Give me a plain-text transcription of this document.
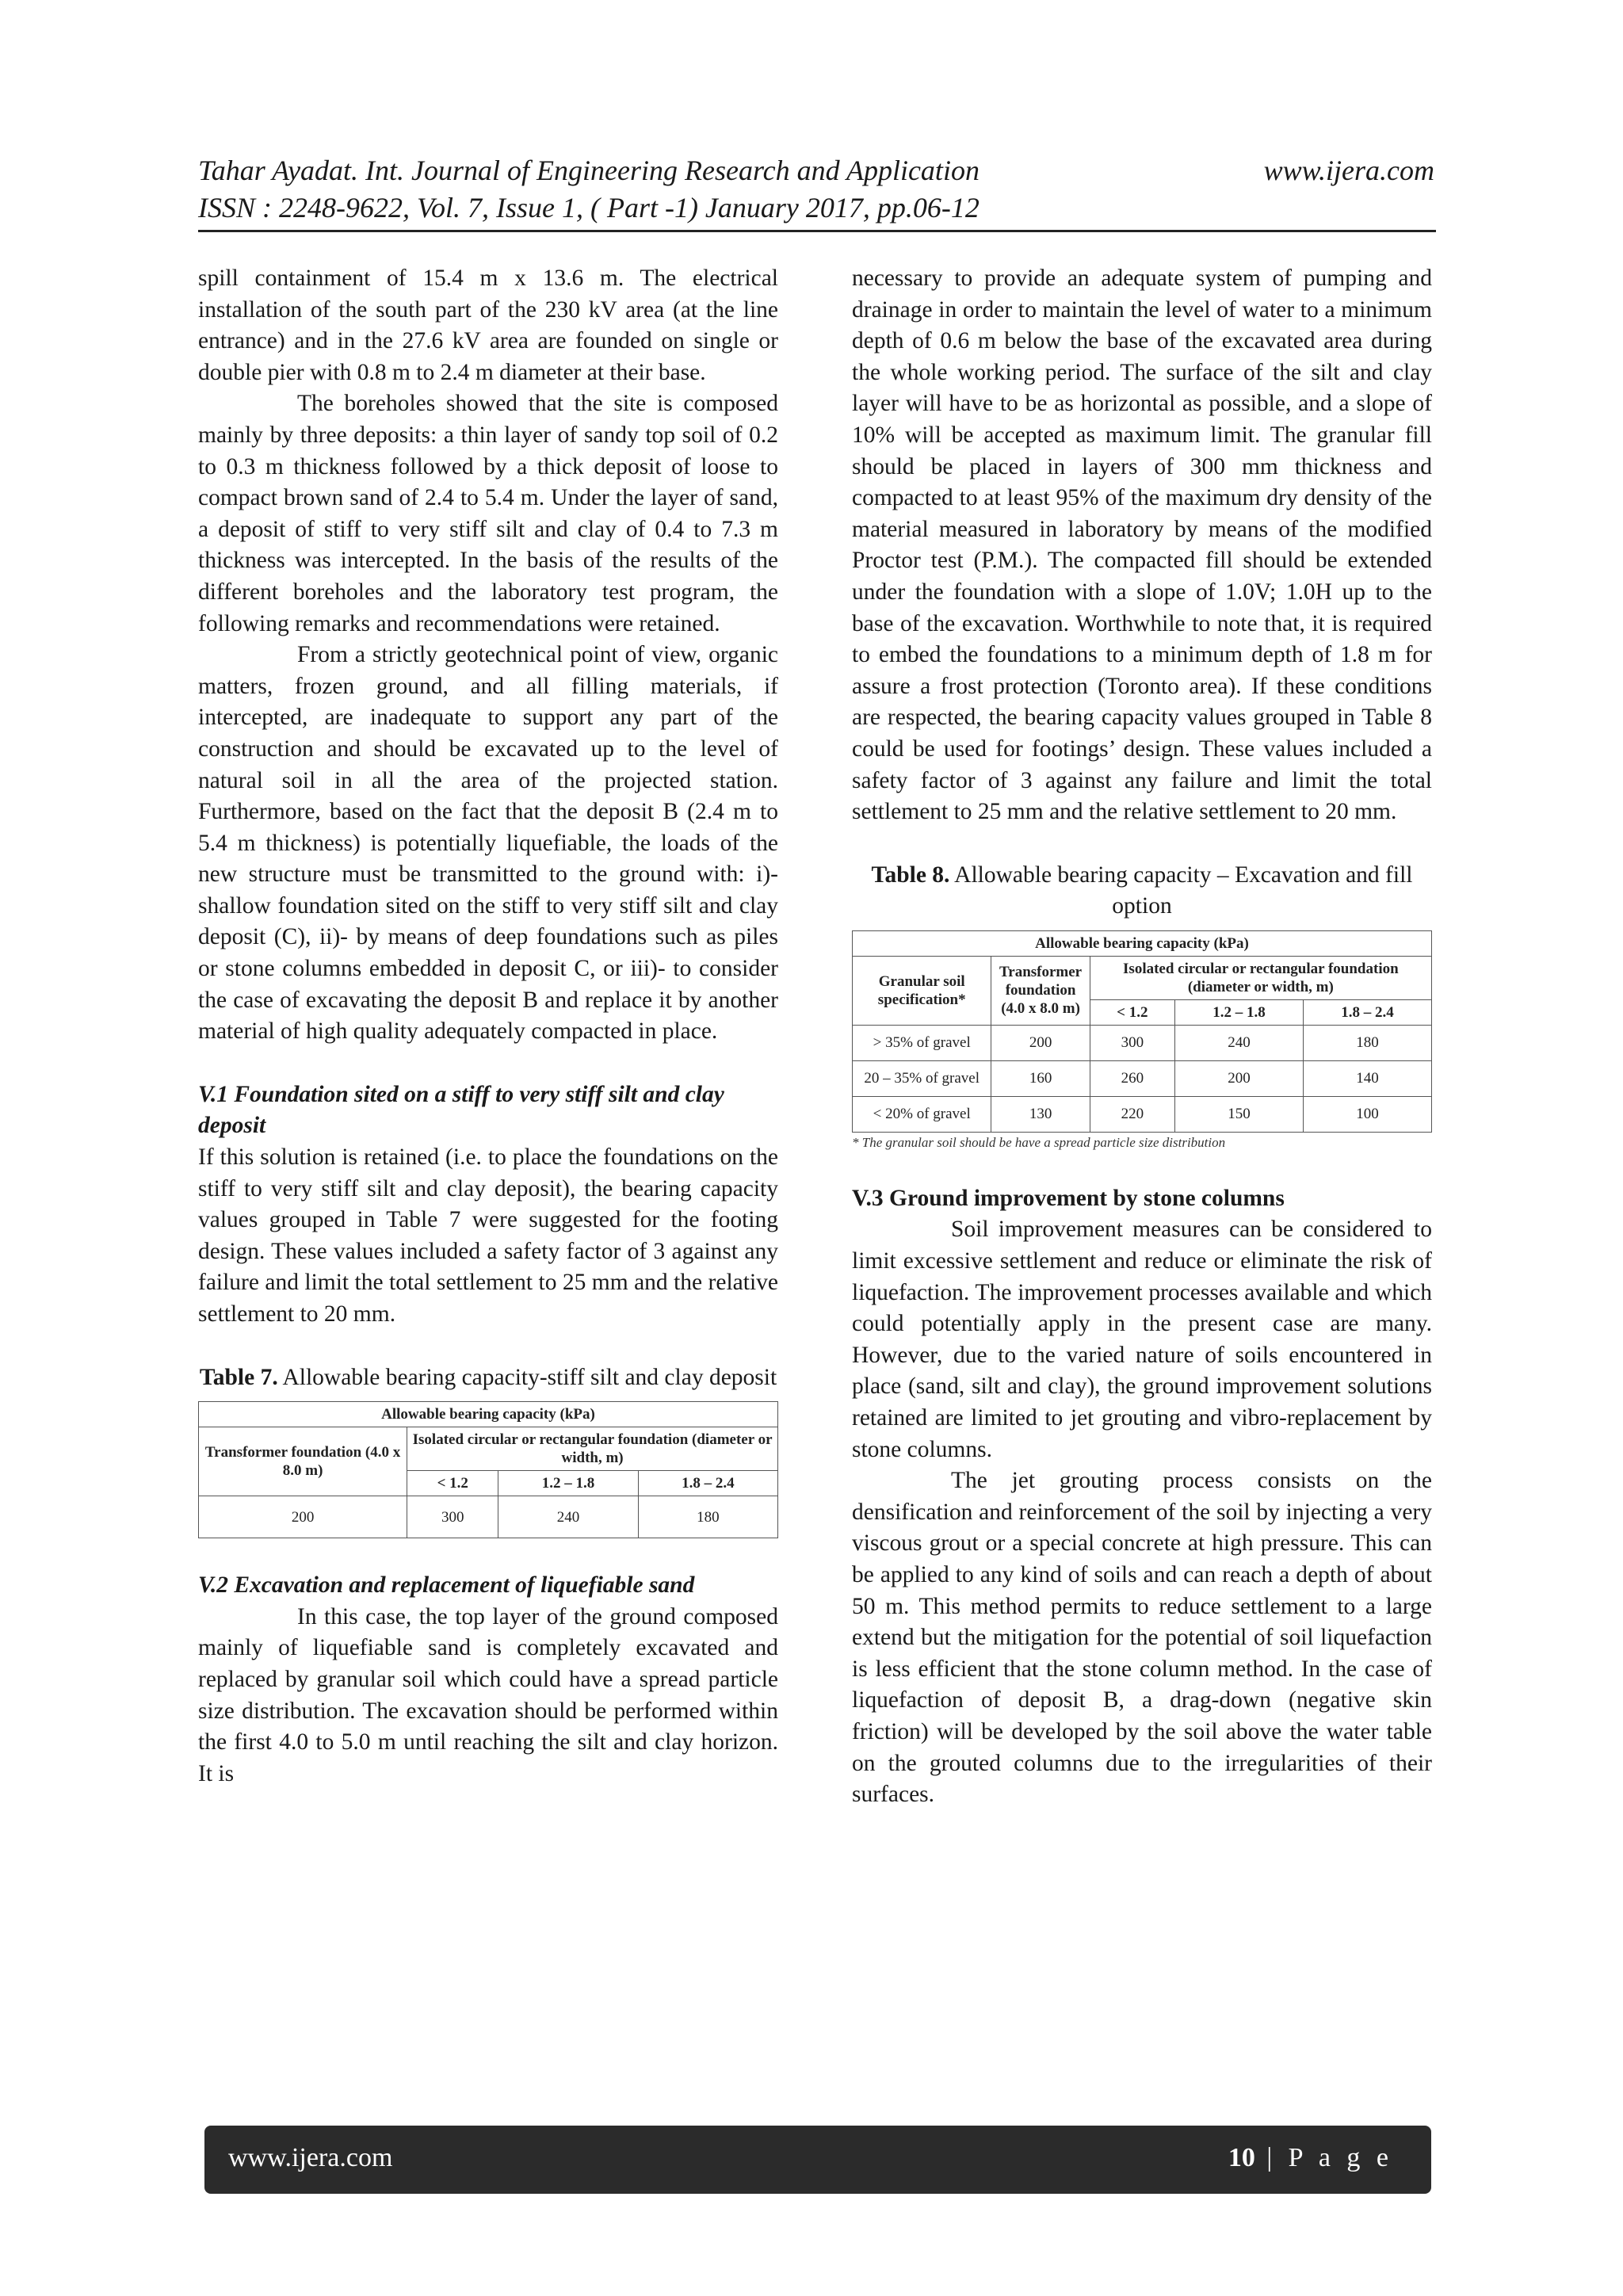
Tahar Ayadat. Int. Journal of Engineering Research and Application
ISSN : 2248-9622, Vol. 7, Issue 1, ( Part -1) January 2017, pp.06-12
www.ijera.com

spill containment of 15.4 m x 13.6 m. The electrical installation of the south part of the 230 kV area (at the line entrance) and in the 27.6 kV area are founded on single or double pier with 0.8 m to 2.4 m diameter at their base.

The boreholes showed that the site is composed mainly by three deposits: a thin layer of sandy top soil of 0.2 to 0.3 m thickness followed by a thick deposit of loose to compact brown sand of 2.4 to 5.4 m. Under the layer of sand, a deposit of stiff to very stiff silt and clay of 0.4 to 7.3 m thickness was intercepted. In the basis of the results of the different boreholes and the laboratory test program, the following remarks and recommendations were retained.

From a strictly geotechnical point of view, organic matters, frozen ground, and all filling materials, if intercepted, are inadequate to support any part of the construction and should be excavated up to the level of natural soil in all the area of the projected station. Furthermore, based on the fact that the deposit B (2.4 m to 5.4 m thickness) is potentially liquefiable, the loads of the new structure must be transmitted to the ground with: i)- shallow foundation sited on the stiff to very stiff silt and clay deposit (C), ii)- by means of deep foundations such as piles or stone columns embedded in deposit C, or iii)- to consider the case of excavating the deposit B and replace it by another material of high quality adequately compacted in place.

V.1 Foundation sited on a stiff to very stiff silt and clay deposit

If this solution is retained (i.e. to place the foundations on the stiff to very stiff silt and clay deposit), the bearing capacity values grouped in Table 7 were suggested for the footing design. These values included a safety factor of 3 against any failure and limit the total settlement to 25 mm and the relative settlement to 20 mm.

Table 7. Allowable bearing capacity-stiff silt and clay deposit

Allowable bearing capacity (kPa)			
Transformer foundation (4.0 x 8.0 m)	Isolated circular or rectangular foundation (diameter or width, m)		
	< 1.2	1.2 – 1.8	1.8 – 2.4
200	300	240	180

V.2 Excavation and replacement of liquefiable sand

In this case, the top layer of the ground composed mainly of liquefiable sand is completely excavated and replaced by granular soil which could have a spread particle size distribution. The excavation should be performed within the first 4.0 to 5.0 m until reaching the silt and clay horizon. It is

necessary to provide an adequate system of pumping and drainage in order to maintain the level of water to a minimum depth of 0.6 m below the base of the excavated area during the whole working period. The surface of the silt and clay layer will have to be as horizontal as possible, and a slope of 10% will be accepted as maximum limit. The granular fill should be placed in layers of 300 mm thickness and compacted to at least 95% of the maximum dry density of the material measured in laboratory by means of the modified Proctor test (P.M.). The compacted fill should be extended under the foundation with a slope of 1.0V; 1.0H up to the base of the excavation. Worthwhile to note that, it is required to embed the foundations to a minimum depth of 1.8 m for assure a frost protection (Toronto area). If these conditions are respected, the bearing capacity values grouped in Table 8 could be used for footings’ design. These values included a safety factor of 3 against any failure and limit the total settlement to 25 mm and the relative settlement to 20 mm.

Table 8. Allowable bearing capacity – Excavation and fill option

Allowable bearing capacity (kPa)				
Granular soil specification*	Transformer foundation (4.0 x 8.0 m)	Isolated circular or rectangular foundation (diameter or width, m)		
		< 1.2	1.2 – 1.8	1.8 – 2.4
> 35% of gravel	200	300	240	180
20 – 35% of gravel	160	260	200	140
< 20% of gravel	130	220	150	100
* The granular soil should be have a spread particle size distribution

V.3 Ground improvement by stone columns

Soil improvement measures can be considered to limit excessive settlement and reduce or eliminate the risk of liquefaction. The improvement processes available and which could potentially apply in the present case are many. However, due to the varied nature of soils encountered in place (sand, silt and clay), the ground improvement solutions retained are limited to jet grouting and vibro-replacement by stone columns.

The jet grouting process consists on the densification and reinforcement of the soil by injecting a very viscous grout or a special concrete at high pressure. This can be applied to any kind of soils and can reach a depth of about 50 m. This method permits to reduce settlement to a large extend but the mitigation for the potential of soil liquefaction is less efficient that the stone column method. In the case of liquefaction of deposit B, a drag-down (negative skin friction) will be developed by the soil above the water table on the grouted columns due to the irregularities of their surfaces.

www.ijera.com	10 | P a g e
